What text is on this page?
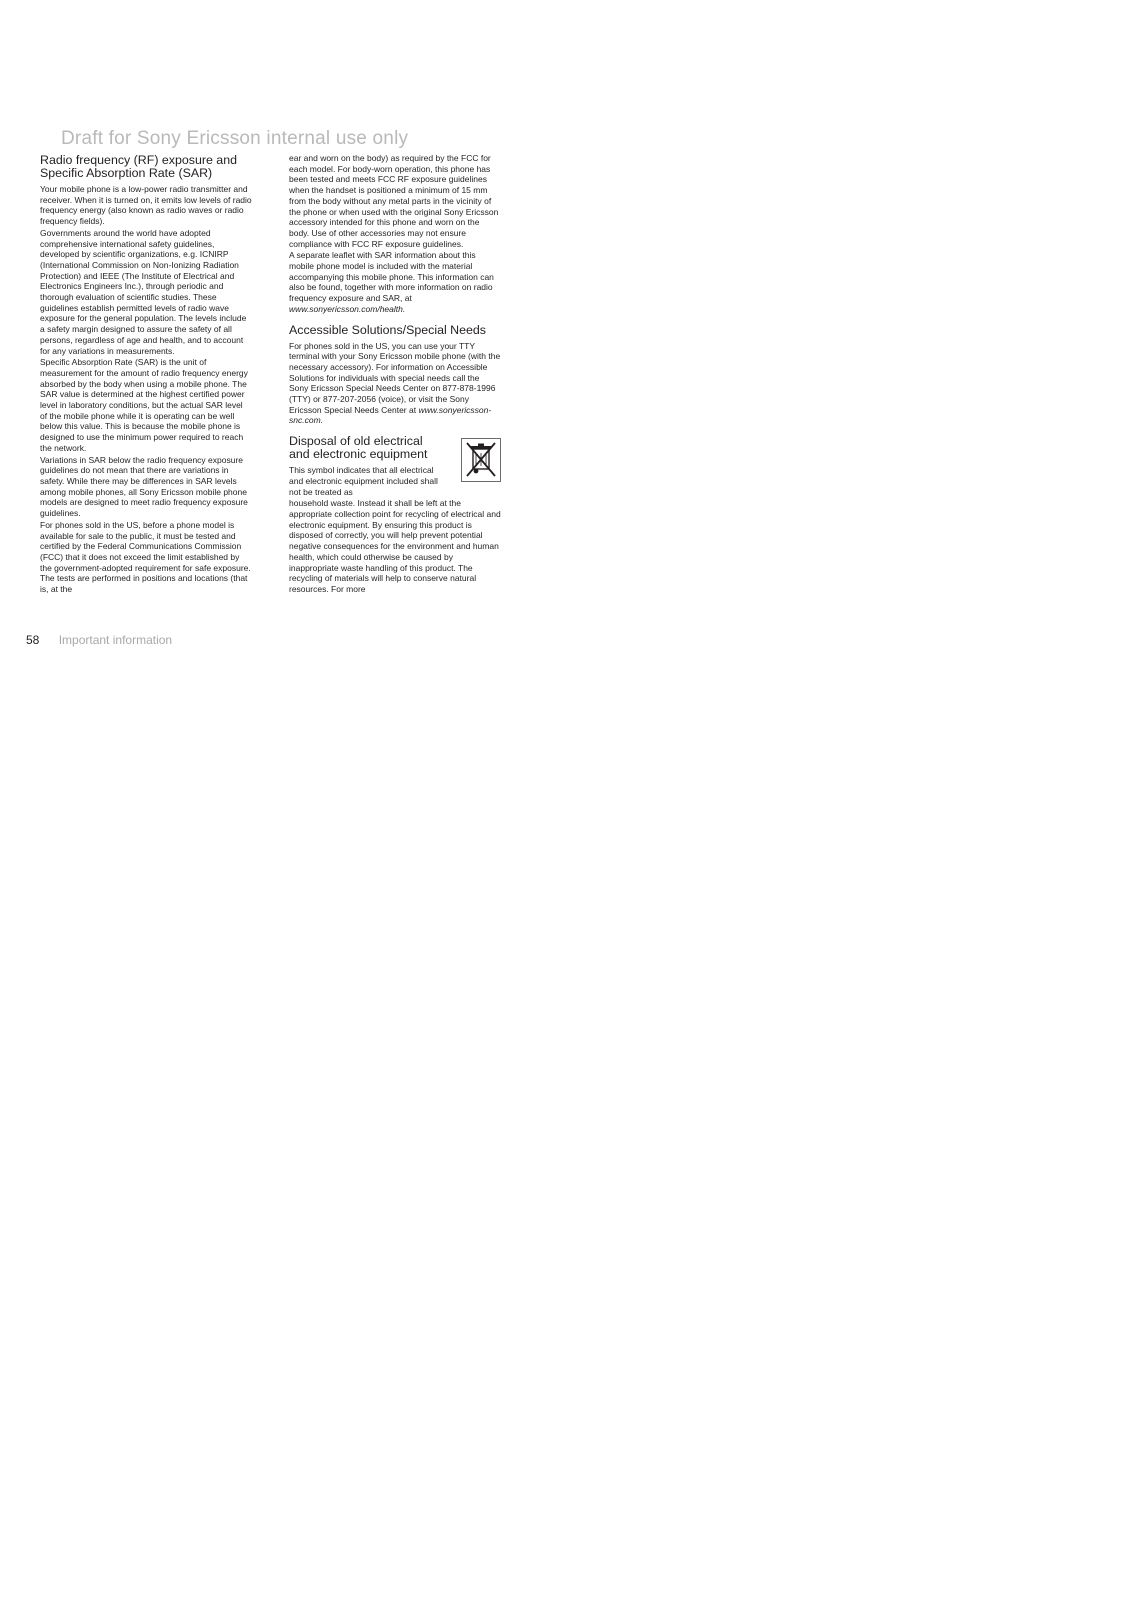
Draft for Sony Ericsson internal use only
Radio frequency (RF) exposure and
Specific Absorption Rate (SAR)

Your mobile phone is a low-power radio transmitter and receiver. When it is turned on, it emits low levels of radio frequency energy (also known as radio waves or radio frequency fields).

Governments around the world have adopted comprehensive international safety guidelines, developed by scientific organizations, e.g. ICNIRP (International Commission on Non-Ionizing Radiation Protection) and IEEE (The Institute of Electrical and Electronics Engineers Inc.), through periodic and thorough evaluation of scientific studies. These guidelines establish permitted levels of radio wave exposure for the general population. The levels include a safety margin designed to assure the safety of all persons, regardless of age and health, and to account for any variations in measurements.

Specific Absorption Rate (SAR) is the unit of measurement for the amount of radio frequency energy absorbed by the body when using a mobile phone. The SAR value is determined at the highest certified power level in laboratory conditions, but the actual SAR level of the mobile phone while it is operating can be well below this value. This is because the mobile phone is designed to use the minimum power required to reach the network.

Variations in SAR below the radio frequency exposure guidelines do not mean that there are variations in safety. While there may be differences in SAR levels among mobile phones, all Sony Ericsson mobile phone models are designed to meet radio frequency exposure guidelines.

For phones sold in the US, before a phone model is available for sale to the public, it must be tested and certified by the Federal Communications Commission (FCC) that it does not exceed the limit established by the government-adopted requirement for safe exposure. The tests are performed in positions and locations (that is, at the

ear and worn on the body) as required by the FCC for each model. For body-worn operation, this phone has been tested and meets FCC RF exposure guidelines when the handset is positioned a minimum of 15 mm from the body without any metal parts in the vicinity of the phone or when used with the original Sony Ericsson accessory intended for this phone and worn on the body. Use of other accessories may not ensure compliance with FCC RF exposure guidelines.

A separate leaflet with SAR information about this mobile phone model is included with the material accompanying this mobile phone. This information can also be found, together with more information on radio frequency exposure and SAR, at www.sonyericsson.com/health.

Accessible Solutions/Special Needs

For phones sold in the US, you can use your TTY terminal with your Sony Ericsson mobile phone (with the necessary accessory). For information on Accessible Solutions for individuals with special needs call the Sony Ericsson Special Needs Center on 877-878-1996 (TTY) or 877-207-2056 (voice), or visit the Sony Ericsson Special Needs Center at www.sonyericsson-snc.com.

Disposal of old electrical
and electronic equipment

This symbol indicates that all electrical and electronic equipment included shall not be treated as

household waste. Instead it shall be left at the appropriate collection point for recycling of electrical and electronic equipment. By ensuring this product is disposed of correctly, you will help prevent potential negative consequences for the environment and human health, which could otherwise be caused by inappropriate waste handling of this product. The recycling of materials will help to conserve natural resources. For more

58 Important information
